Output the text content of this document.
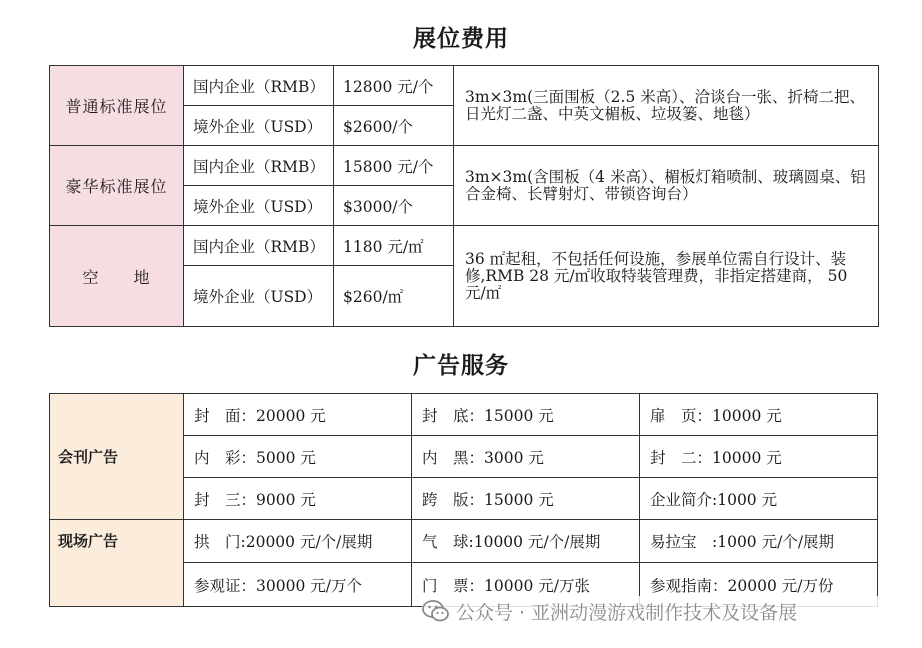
展位费用
普通标准展位	国内企业（RMB）	12800 元/个	3m×3m(三面围板（2.5 米高）、洽谈台一张、折椅二把、日光灯二盏、中英文楣板、垃圾篓、地毯）
	境外企业（USD）	$2600/个	
豪华标准展位	国内企业（RMB）	15800 元/个	3m×3m(含围板（4 米高）、楣板灯箱喷制、玻璃圆桌、铝合金椅、长臂射灯、带锁咨询台）
	境外企业（USD）	$3000/个	
空　　地	国内企业（RMB）	1180 元/㎡	36 ㎡起租，不包括任何设施，参展单位需自行设计、装修,RMB 28 元/㎡收取特装管理费，非指定搭建商， 50 元/㎡
	境外企业（USD）	$260/㎡	
广告服务
会刊广告	封　面：20000 元	封　底：15000 元	扉　页：10000 元
	内　彩：5000 元	内　黑：3000 元	封　二：10000 元
	封　三：9000 元	跨　版：15000 元	企业简介:1000 元
现场广告	拱　门:20000 元/个/展期	气　球:10000 元/个/展期	易拉宝　:1000 元/个/展期
	参观证：30000 元/万个	门　票：10000 元/万张	参观指南：20000 元/万份
公众号 · 亚洲动漫游戏制作技术及设备展
